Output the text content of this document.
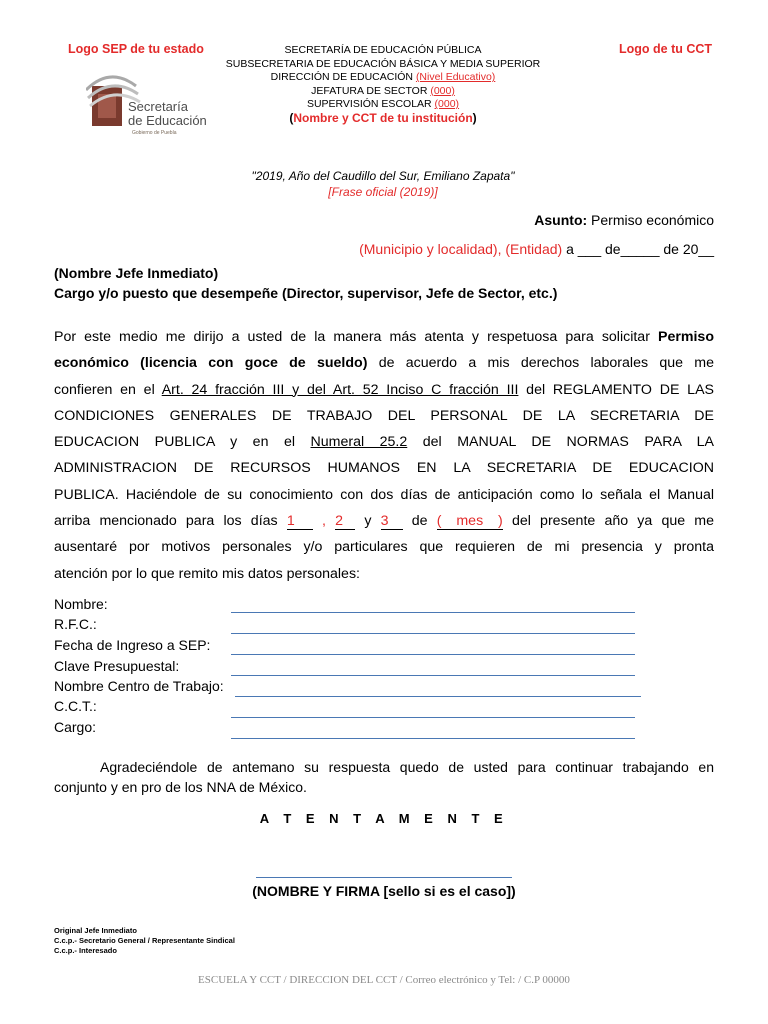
Logo SEP de tu estado	Logo de tu CCT
Secretaría
de Educación
Gobierno de Puebla
SECRETARÍA DE EDUCACIÓN PÚBLICA
SUBSECRETARIA DE EDUCACIÓN BÁSICA Y MEDIA SUPERIOR
DIRECCIÓN DE EDUCACIÓN (Nivel Educativo)
JEFATURA DE SECTOR (000)
SUPERVISIÓN ESCOLAR (000)
(Nombre y CCT de tu institución)
"2019, Año del Caudillo del Sur, Emiliano Zapata"
[Frase oficial (2019)]
Asunto: Permiso económico
(Municipio y localidad), (Entidad) a ___ de_____ de 20__
(Nombre Jefe Inmediato)
Cargo y/o puesto que desempeñe (Director, supervisor, Jefe de Sector, etc.)
Por este medio me dirijo a usted de la manera más atenta y respetuosa para solicitar Permiso
económico (licencia con goce de sueldo) de acuerdo a mis derechos laborales que me
confieren en el Art. 24 fracción III y del Art. 52 Inciso C fracción III del REGLAMENTO DE LAS
CONDICIONES GENERALES DE TRABAJO DEL PERSONAL DE LA SECRETARIA DE
EDUCACION PUBLICA y en el Numeral 25.2 del MANUAL DE NORMAS PARA LA
ADMINISTRACION DE RECURSOS HUMANOS EN LA SECRETARIA DE EDUCACION
PUBLICA. Haciéndole de su conocimiento con dos días de anticipación como lo señala el Manual
arriba mencionado para los días 1 , 2 y 3 de ( mes ) del presente año ya que me
ausentaré por motivos personales y/o particulares que requieren de mi presencia y pronta
atención por lo que remito mis datos personales:
Nombre:
R.F.C.:
Fecha de Ingreso a SEP:
Clave Presupuestal:
Nombre Centro de Trabajo:
C.C.T.:
Cargo:
Agradeciéndole de antemano su respuesta quedo de usted para continuar trabajando en
conjunto y en pro de los NNA de México.
A T E N T A M E N T E
(NOMBRE Y FIRMA [sello si es el caso])
Original Jefe Inmediato
C.c.p.- Secretario General / Representante Sindical
C.c.p.- Interesado
ESCUELA Y CCT / DIRECCION DEL CCT / Correo electrónico y Tel: / C.P 00000
